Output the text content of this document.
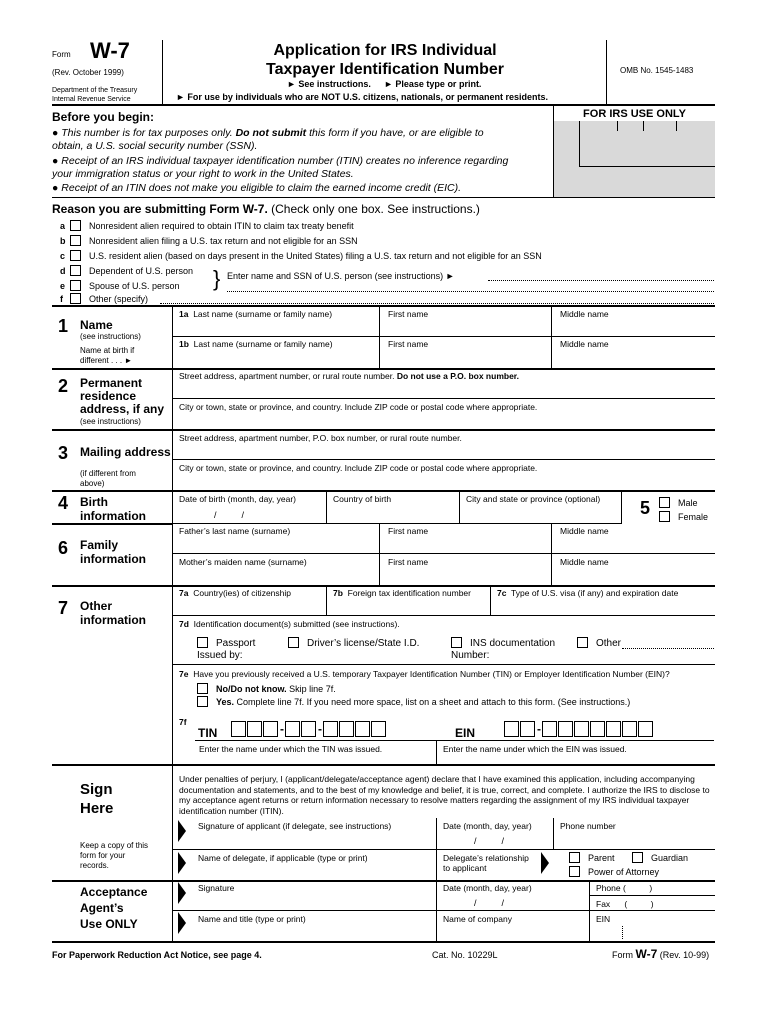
Form W-7
(Rev. October 1999)
Department of the Treasury
Internal Revenue Service
Application for IRS Individual
Taxpayer Identification Number
► See instructions. ► Please type or print.
► For use by individuals who are NOT U.S. citizens, nationals, or permanent residents.
OMB No. 1545-1483
FOR IRS USE ONLY
Before you begin:
● This number is for tax purposes only. Do not submit this form if you have, or are eligible to
obtain, a U.S. social security number (SSN).
● Receipt of an IRS individual taxpayer identification number (ITIN) creates no inference regarding
your immigration status or your right to work in the United States.
● Receipt of an ITIN does not make you eligible to claim the earned income credit (EIC).
Reason you are submitting Form W-7. (Check only one box. See instructions.)
a	Nonresident alien required to obtain ITIN to claim tax treaty benefit
b	Nonresident alien filing a U.S. tax return and not eligible for an SSN
c	U.S. resident alien (based on days present in the United States) filing a U.S. tax return and not eligible for an SSN
d	Dependent of U.S. person
e	Spouse of U.S. person
f	Other (specify)
} Enter name and SSN of U.S. person (see instructions) ►
1 Name
(see instructions)
Name at birth if
different . . . ►
1a Last name (surname or family name)	First name	Middle name
1b Last name (surname or family name)	First name	Middle name
2 Permanent
residence
address, if any
(see instructions)
Street address, apartment number, or rural route number. Do not use a P.O. box number.
City or town, state or province, and country. Include ZIP code or postal code where appropriate.
3 Mailing address
(if different from
above)
Street address, apartment number, P.O. box number, or rural route number.
City or town, state or province, and country. Include ZIP code or postal code where appropriate.
4 Birth
information
Date of birth (month, day, year)
/          /
Country of birth	City and state or province (optional) 5	Male
Female
6 Family
information
Father’s last name (surname)	First name	Middle name
Mother’s maiden name (surname)	First name	Middle name
7 Other
information
7a Country(ies) of citizenship	7b Foreign tax identification number	7c Type of U.S. visa (if any) and expiration date
7d Identification document(s) submitted (see instructions).
Passport
Issued by:
Driver’s license/State I.D.	INS documentation
Number:
Other
7e Have you previously received a U.S. temporary Taxpayer Identification Number (TIN) or Employer Identification Number (EIN)?
No/Do not know. Skip line 7f.
Yes. Complete line 7f. If you need more space, list on a sheet and attach to this form. (See instructions.)
7f
TIN	-	-	EIN	-
Enter the name under which the TIN was issued.	Enter the name under which the EIN was issued.
Sign
Here
Keep a copy of this
form for your
records.
Under penalties of perjury, I (applicant/delegate/acceptance agent) declare that I have examined this application, including accompanying documentation and statements, and to the best of my knowledge and belief, it is true, correct, and complete. I authorize the IRS to disclose to my acceptance agent returns or return information necessary to resolve matters regarding the assignment of my IRS individual taxpayer identification number (ITIN).
Signature of applicant (if delegate, see instructions)	Date (month, day, year)
/          /
Phone number
Name of delegate, if applicable (type or print)	Delegate’s relationship
to applicant
Parent	Guardian
Power of Attorney
Acceptance
Agent’s
Use ONLY
Signature	Date (month, day, year)
/          /
Phone (          )
Fax      (          )
Name and title (type or print)	Name of company	EIN
For Paperwork Reduction Act Notice, see page 4.	Cat. No. 10229L	Form W-7 (Rev. 10-99)
